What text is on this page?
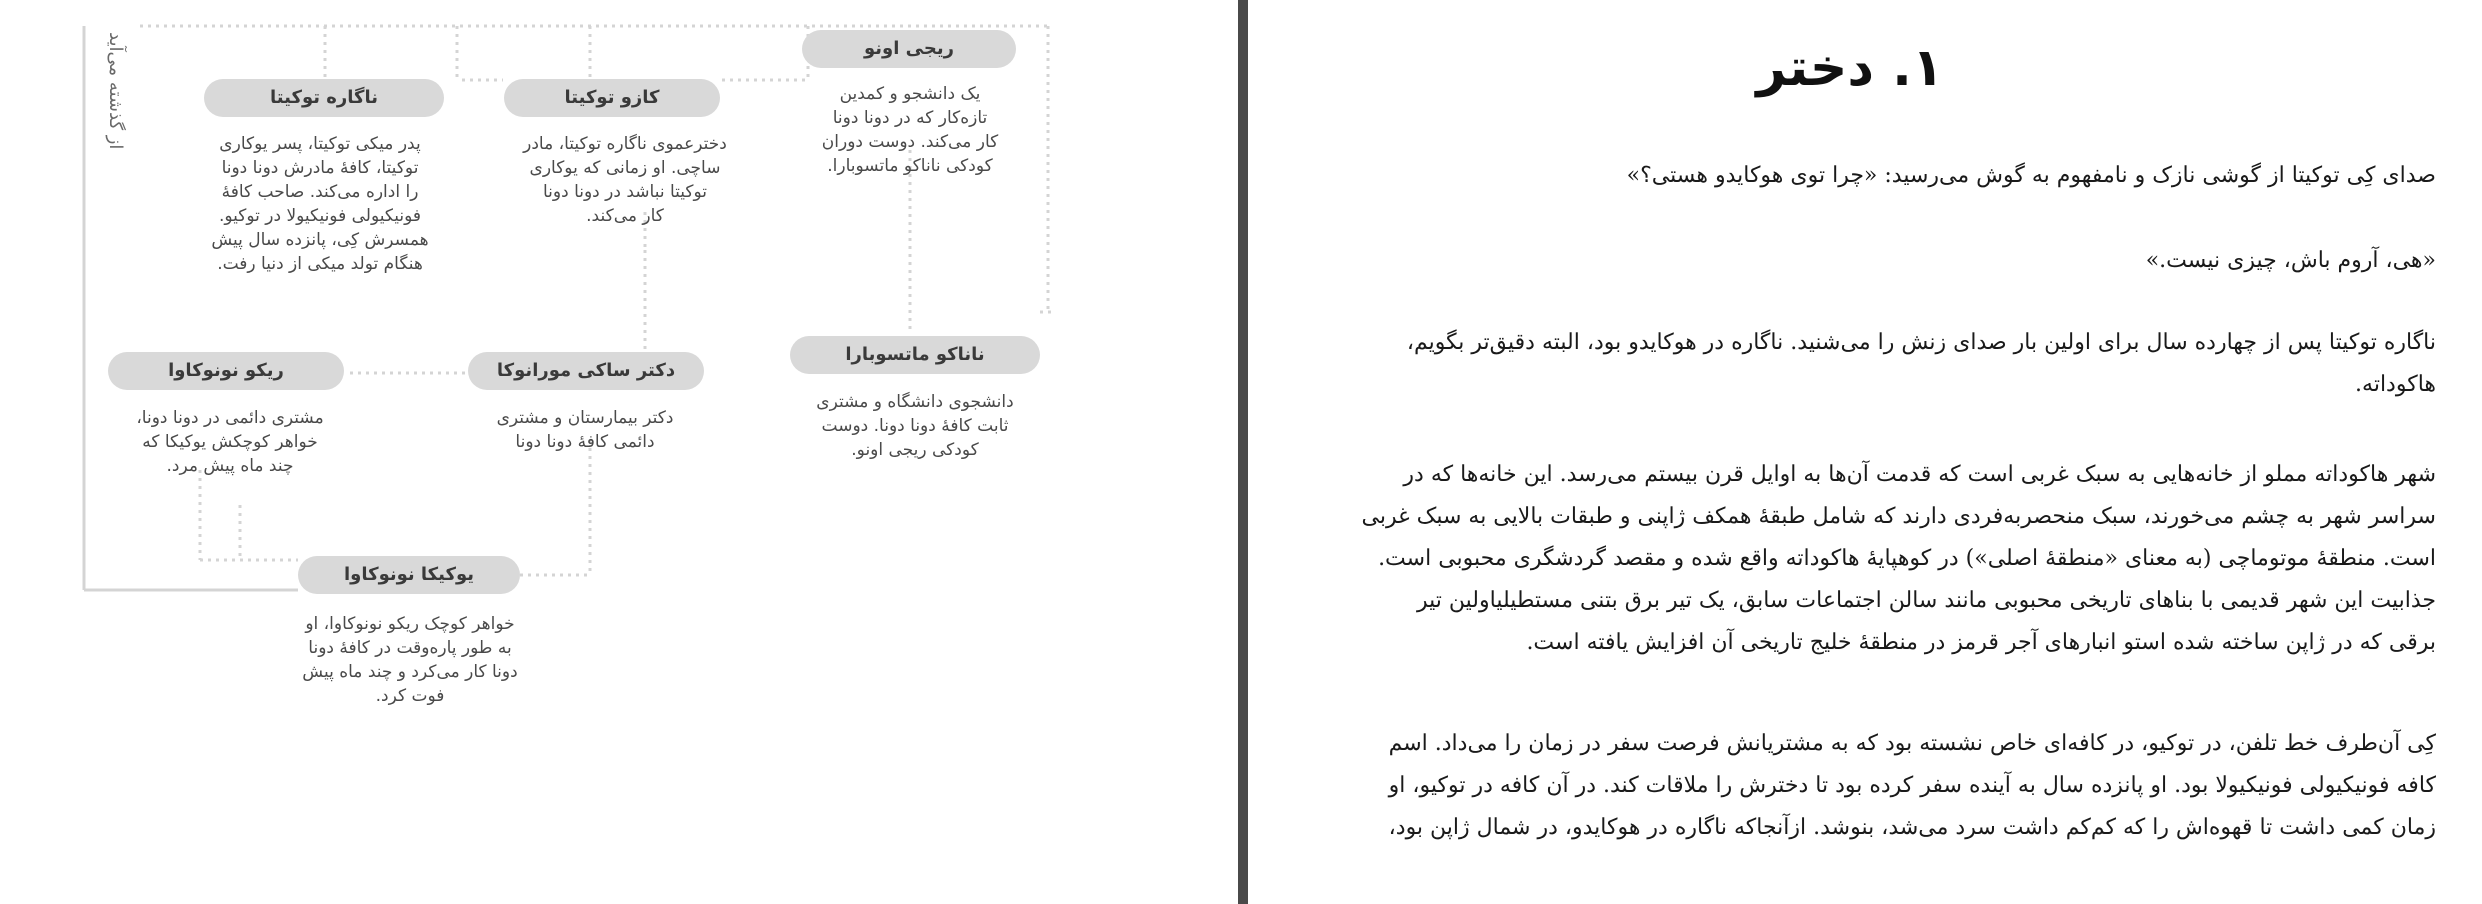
از گذشته می‌آید	ریجی اونو
یک دانشجو و کمدین
تازه‌کار که در دونا دونا
کار می‌کند. دوست دوران
کودکی ناناکو ماتسوبارا.
کازو توکیتا
دخترعموی ناگاره توکیتا، مادر
ساچی. او زمانی که یوکاری
توکیتا نباشد در دونا دونا
کار می‌کند.
ناگاره توکیتا
پدر میکی توکیتا، پسر یوکاری
توکیتا، کافهٔ مادرش دونا دونا
را اداره می‌کند. صاحب کافهٔ
فونیکیولی فونیکیولا در توکیو.
همسرش کِی، پانزده سال پیش
هنگام تولد میکی از دنیا رفت.
ناناکو ماتسوبارا
دانشجوی دانشگاه و مشتری
ثابت کافهٔ دونا دونا. دوست
کودکی ریجی اونو.
دکتر ساکی مورانوکا
دکتر بیمارستان و مشتری
دائمی کافهٔ دونا دونا
ریکو نونوکاوا
مشتری دائمی در دونا دونا،
خواهر کوچکش یوکیکا که
چند ماه پیش مرد.
یوکیکا نونوکاوا
خواهر کوچک ریکو نونوکاوا، او
به طور پاره‌وقت در کافهٔ دونا
دونا کار می‌کرد و چند ماه پیش
فوت کرد.
۱. دختر
صدای کِی توکیتا از گوشی نازک و نامفهوم به گوش می‌رسید: «چرا توی هوکایدو هستی؟»
«هی، آروم باش، چیزی نیست.»
ناگاره توکیتا پس از چهارده سال برای اولین بار صدای زنش را می‌شنید. ناگاره در هوکایدو بود، البته دقیق‌تر بگویم،
هاکوداته.
شهر هاکوداته مملو از خانه‌هایی به سبک غربی است که قدمت آن‌ها به اوایل قرن بیستم می‌رسد. این خانه‌ها که در
سراسر شهر به چشم می‌خورند، سبک منحصربه‌فردی دارند که شامل طبقهٔ همکف ژاپنی و طبقات بالایی به سبک غربی
است. منطقهٔ موتوماچی (به معنای «منطقهٔ اصلی») در کوهپایهٔ هاکوداته واقع شده و مقصد گردشگری محبوبی است.
جذابیت این شهر قدیمی با بناهای تاریخی محبوبی مانند سالن اجتماعات سابق، یک تیر برق بتنی مستطیلیاولین تیر
برقی که در ژاپن ساخته شده استو انبارهای آجر قرمز در منطقهٔ خلیج تاریخی آن افزایش یافته است.
کِی آن‌طرف خط تلفن، در توکیو، در کافه‌ای خاص نشسته بود که به مشتریانش فرصت سفر در زمان را می‌داد. اسم
کافه فونیکیولی فونیکیولا بود. او پانزده سال به آینده سفر کرده بود تا دخترش را ملاقات کند. در آن کافه در توکیو، او
زمان کمی داشت تا قهوه‌اش را که کم‌کم داشت سرد می‌شد، بنوشد. ازآنجاکه ناگاره در هوکایدو، در شمال ژاپن بود،
